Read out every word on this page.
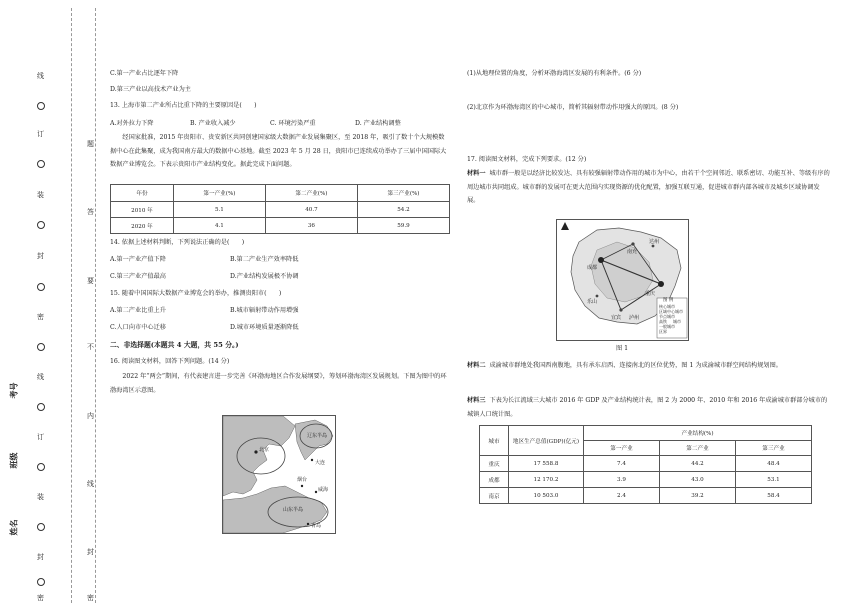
线
订
装
封
密
线
订
装
封
密
题
答
要
不
内
线
封
密
考号
班级
姓名
C.第一产业占比逐年下降
D.第三产业以高技术产业为主
13. 上海市第二产业所占比重下降的主要原因是(　　)
A.对外拉力下降	B. 产业收入减少	C. 环境污染严重	D. 产业结构调整
经国家批准，2015 年贵阳市、贵安新区共同创建国家级大数据产业发展集聚区，至 2018 年，吸引了数十个大规模数据中心在此集聚，成为我国南方最大的数据中心基地。截至 2023 年 5 月 28 日，贵阳市已连续成功举办了三届中国国际大数据产业博览会。下表示贵阳市产业结构变化。据此完成下面问题。
年份	第一产业(%)	第二产业(%)	第三产业(%)
2010 年	5.1	40.7	54.2
2020 年	4.1	36	59.9
14. 依据上述材料判断，下列说法正确的是(　　)
A.第一产业产值下降	B.第二产业生产效率降低
C.第三产业产值最高	D.产业结构发展极不协调
15. 随着中国国际大数据产业博览会的举办，推测贵阳市(　　)
A.第二产业比重上升	B.城市辐射带动作用增强
C.人口向市中心迁移	D.城市环境质量逐渐降低
二、非选择题(本题共 4 大题，共 55 分。)
16. 阅读图文材料，回答下列问题。(14 分)
2022 年“两会”期间，有代表建言进一步完善《环渤海地区合作发展纲要》，筹划环渤海湾区发展规划。下图为图中的环渤海湾区示意图。
北京
辽东半岛
大连
烟台
威海
山东半岛
青岛
(1)从地理位置的角度，分析环渤海湾区发展的有利条件。(6 分)
(2)北京作为环渤海湾区的中心城市，简析其辐射带动作用强大的原因。(8 分)
17. 阅读图文材料，完成下列要求。(12 分)
材料一 城市群一般是以经济比较发达、具有较强辐射带动作用的城市为中心，由若干个空间邻近、联系密切、功能互补、等级有序的周边城市共同组成。城市群的发展可在更大范围内实现资源的优化配置，加强互联互通，促进城市群内部各城市及城乡区域协调发展。
成都
重庆
南充
达州
乐山
宜宾 泸州
图 例
核心城市
区域中心城市
节点城市
高铁 城市
一般城市
区界
图 1
材料二 成渝城市群地处我国西南腹地，具有承东启西、连接南北的区位优势，图 1 为成渝城市群空间结构规划图。
材料三 下表为长江流域三大城市 2016 年 GDP 及产业结构统计表，图 2 为 2000 年、2010 年和 2016 年成渝城市群部分城市的城镇人口统计图。
城市	地区生产总值(GDP)(亿元)	产业结构(%)		
		第一产业	第二产业	第三产业
重庆	17 558.8	7.4	44.2	48.4
成都	12 170.2	3.9	43.0	53.1
南京	10 503.0	2.4	39.2	58.4
